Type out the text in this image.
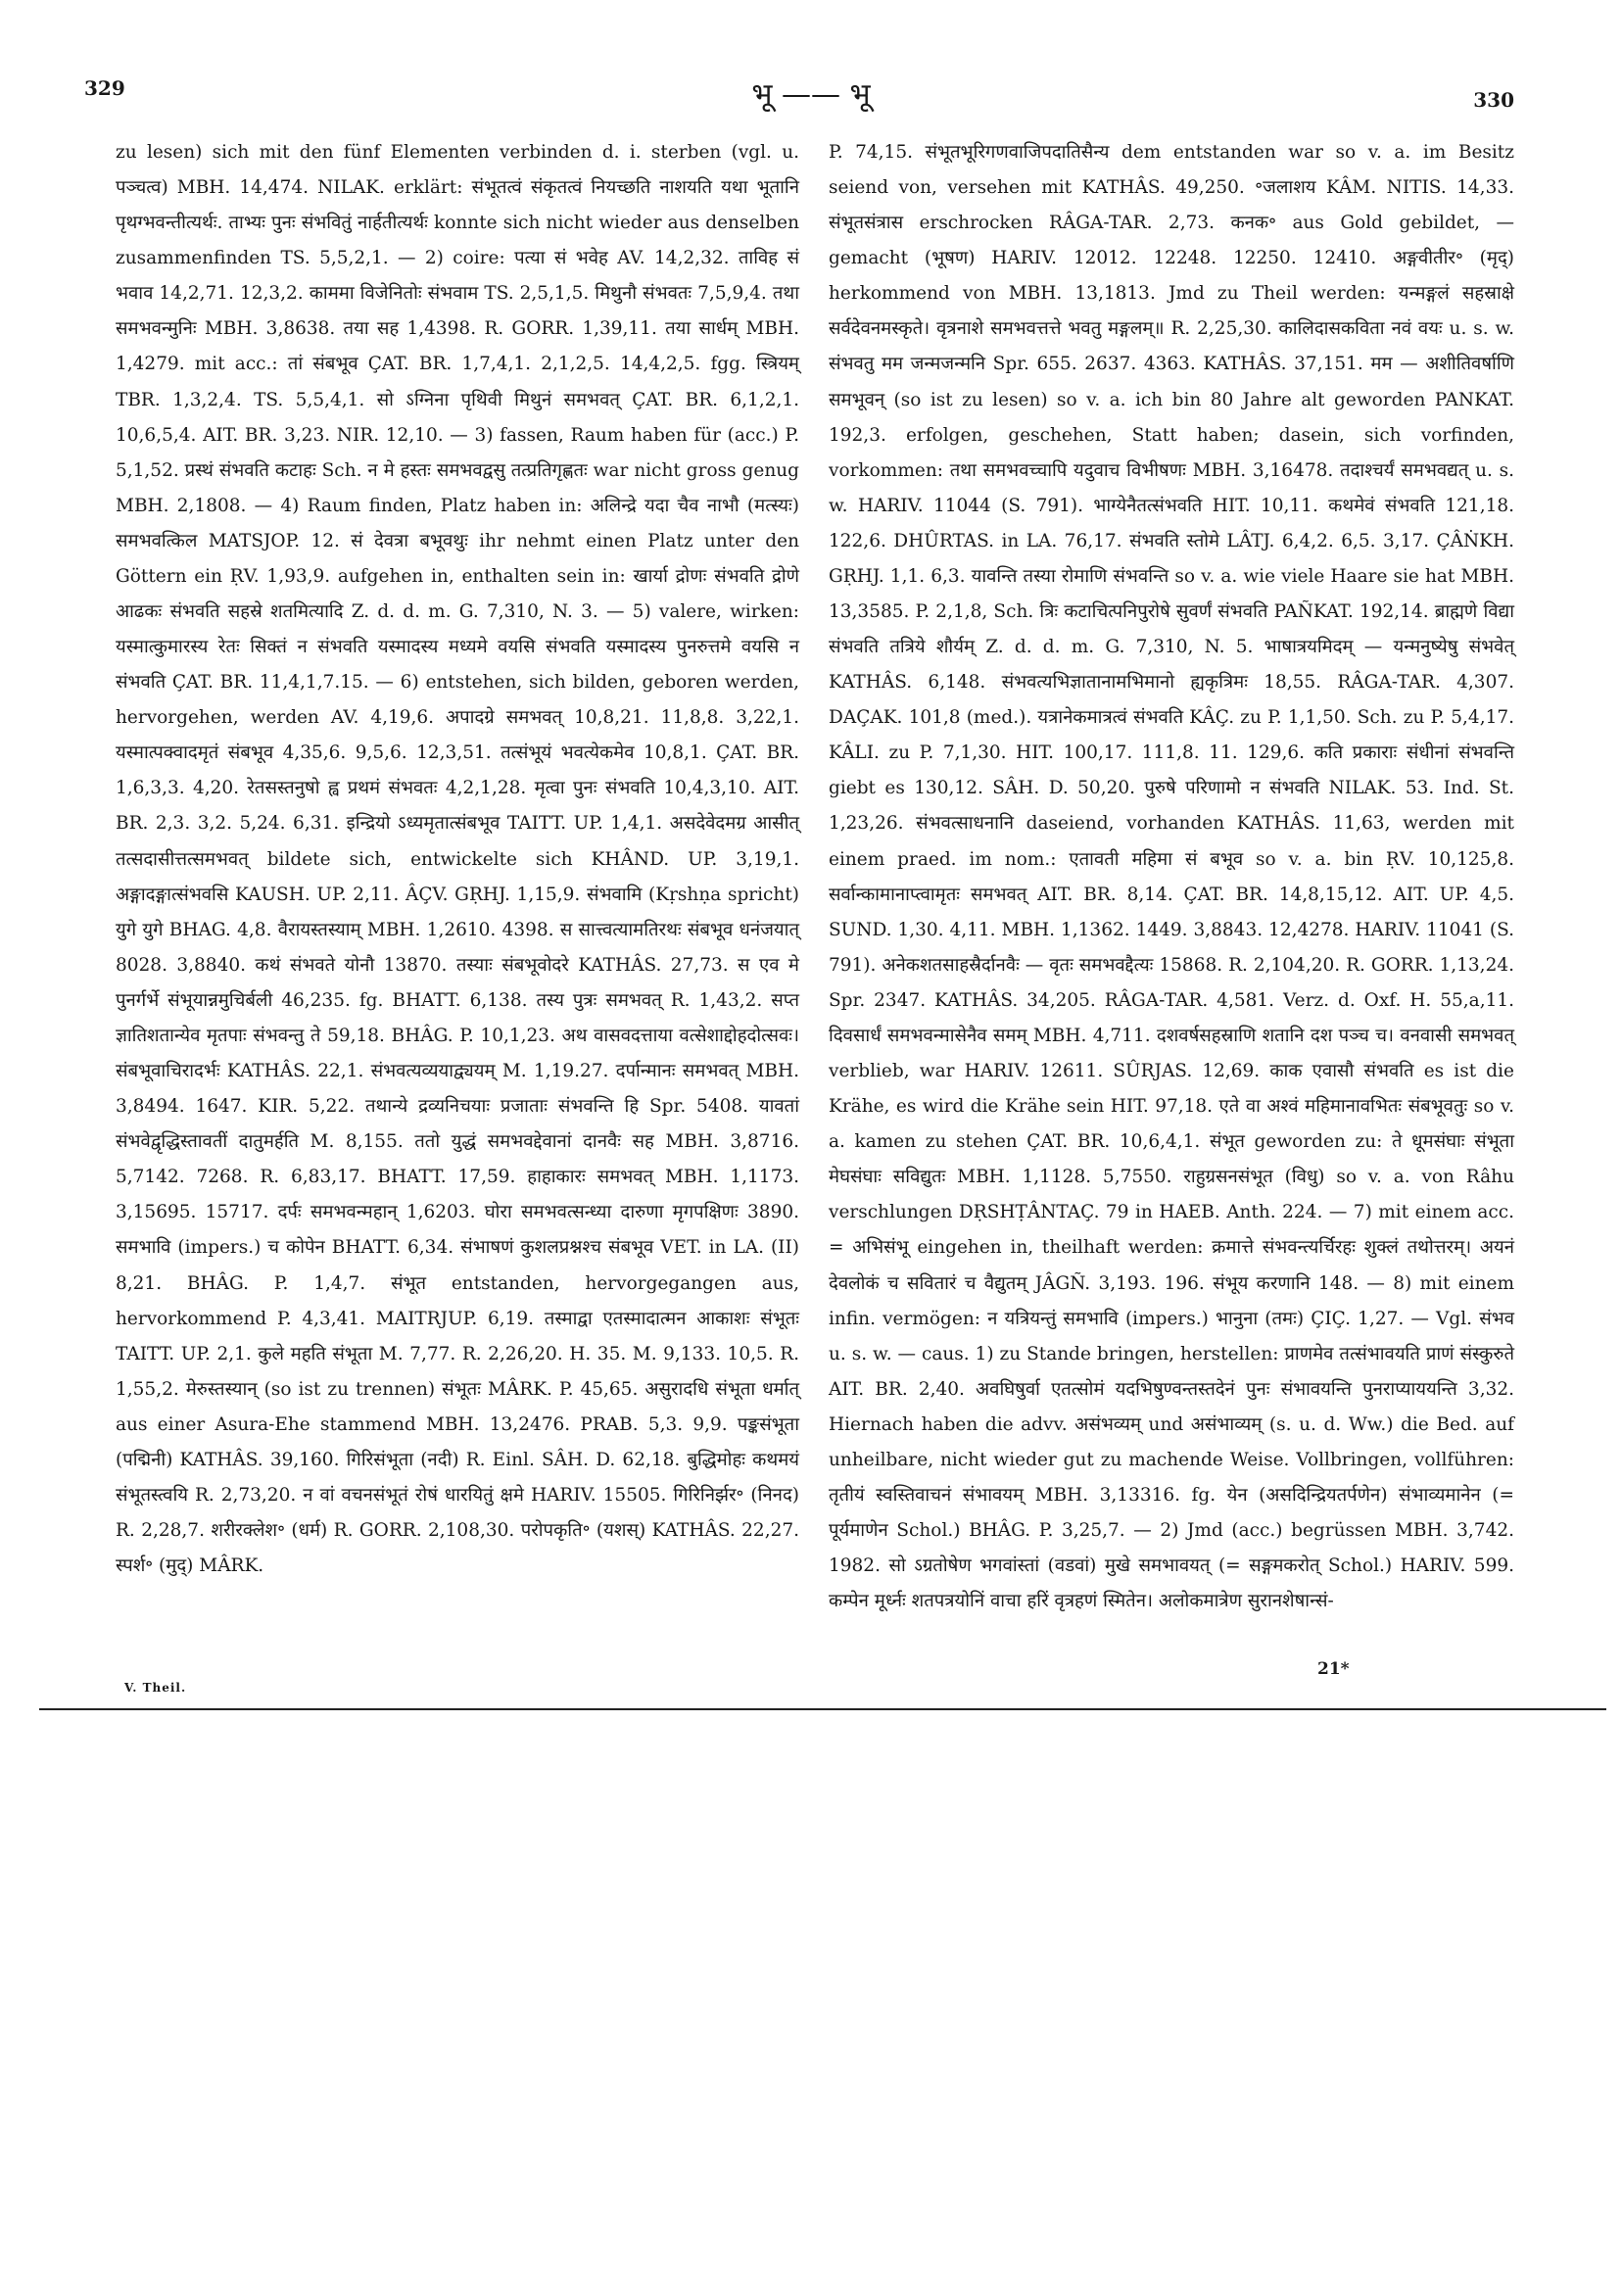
329	भू —— भू	330

zu lesen) sich mit den fünf Elementen verbinden d. i. sterben (vgl. u. पञ्चत्व) MBH. 14,474. NILAK. erklärt: संभूतत्वं संकृतत्वं नियच्छति नाशयति यथा भूतानि पृथग्भवन्तीत्यर्थः. ताभ्यः पुनः संभवितुं नार्हतीत्यर्थः konnte sich nicht wieder aus denselben zusammenfinden TS. 5,5,2,1. — 2) coire: पत्या सं भवेह AV. 14,2,32. ताविह सं भवाव 14,2,71. 12,3,2. काममा विजेनितोः संभवाम TS. 2,5,1,5. मिथुनौ संभवतः 7,5,9,4. तथा समभवन्मुनिः MBH. 3,8638. तया सह 1,4398. R. GORR. 1,39,11. तया सार्धम् MBH. 1,4279. mit acc.: तां संबभूव ÇAT. BR. 1,7,4,1. 2,1,2,5. 14,4,2,5. fgg. स्त्रियम् TBR. 1,3,2,4. TS. 5,5,4,1. सो ऽग्निना पृथिवी मिथुनं समभवत् ÇAT. BR. 6,1,2,1. 10,6,5,4. AIT. BR. 3,23. NIR. 12,10. — 3) fassen, Raum haben für (acc.) P. 5,1,52. प्रस्थं संभवति कटाहः Sch. न मे हस्तः समभवद्वसु तत्प्रतिगृह्णतः war nicht gross genug MBH. 2,1808. — 4) Raum finden, Platz haben in: अलिन्द्रे यदा चैव नाभौ (मत्स्यः) समभवत्किल MATSJOP. 12. सं देवत्रा बभूवथुः ihr nehmt einen Platz unter den Göttern ein ṚV. 1,93,9. aufgehen in, enthalten sein in: खार्या द्रोणः संभवति द्रोणे आढकः संभवति सहस्रे शतमित्यादि Z. d. d. m. G. 7,310, N. 3. — 5) valere, wirken: यस्मात्कुमारस्य रेतः सिक्तं न संभवति यस्मादस्य मध्यमे वयसि संभवति यस्मादस्य पुनरुत्तमे वयसि न संभवति ÇAT. BR. 11,4,1,7.15. — 6) entstehen, sich bilden, geboren werden, hervorgehen, werden AV. 4,19,6. अपादग्रे समभवत् 10,8,21. 11,8,8. 3,22,1. यस्मात्पक्वादमृतं संबभूव 4,35,6. 9,5,6. 12,3,51. तत्संभूयं भवत्येकमेव 10,8,1. ÇAT. BR. 1,6,3,3. 4,20. रेतसस्तनुषो ह्व प्रथमं संभवतः 4,2,1,28. मृत्वा पुनः संभवति 10,4,3,10. AIT. BR. 2,3. 3,2. 5,24. 6,31. इन्द्रियो ऽध्यमृतात्संबभूव TAITT. UP. 1,4,1. असदेवेदमग्र आसीत् तत्सदासीत्तत्समभवत् bildete sich, entwickelte sich KHÂND. UP. 3,19,1. अङ्गादङ्गात्संभवसि KAUSH. UP. 2,11. ÂÇV. GṚHJ. 1,15,9. संभवामि (Kṛshṇa spricht) युगे युगे BHAG. 4,8. वैरायस्तस्याम् MBH. 1,2610. 4398. स सात्त्वत्यामतिरथः संबभूव धनंजयात् 8028. 3,8840. कथं संभवते योनौ 13870. तस्याः संबभूवोदरे KATHÂS. 27,73. स एव मे पुनर्गर्भे संभूयान्नमुचिर्बली 46,235. fg. BHATT. 6,138. तस्य पुत्रः समभवत् R. 1,43,2. सप्त ज्ञातिशतान्येव मृतपाः संभवन्तु ते 59,18. BHÂG. P. 10,1,23. अथ वासवदत्ताया वत्सेशाद्दोहदोत्सवः। संबभूवाचिरादर्भः KATHÂS. 22,1. संभवत्यव्ययाद्व्ययम् M. 1,19.27. दर्पान्मानः समभवत् MBH. 3,8494. 1647. KIR. 5,22. तथान्ये द्रव्यनिचयाः प्रजाताः संभवन्ति हि Spr. 5408. यावतां संभवेद्वृद्धिस्तावतीं दातुमर्हति M. 8,155. ततो युद्धं समभवद्देवानां दानवैः सह MBH. 3,8716. 5,7142. 7268. R. 6,83,17. BHATT. 17,59. हाहाकारः समभवत् MBH. 1,1173. 3,15695. 15717. दर्पः समभवन्महान् 1,6203. घोरा समभवत्सन्ध्या दारुणा मृगपक्षिणः 3890. समभावि (impers.) च कोपेन BHATT. 6,34. संभाषणं कुशलप्रश्नश्च संबभूव VET. in LA. (II) 8,21. BHÂG. P. 1,4,7. संभूत entstanden, hervorgegangen aus, hervorkommend P. 4,3,41. MAITRJUP. 6,19. तस्माद्वा एतस्मादात्मन आकाशः संभूतः TAITT. UP. 2,1. कुले महति संभूता M. 7,77. R. 2,26,20. H. 35. M. 9,133. 10,5. R. 1,55,2. मेरुस्तस्यान् (so ist zu trennen) संभूतः MÂRK. P. 45,65. असुरादधि संभूता धर्मात् aus einer Asura-Ehe stammend MBH. 13,2476. PRAB. 5,3. 9,9. पङ्कसंभूता (पद्मिनी) KATHÂS. 39,160. गिरिसंभूता (नदी) R. Einl. SÂH. D. 62,18. बुद्धिमोहः कथमयं संभूतस्त्वयि R. 2,73,20. न वां वचनसंभूतं रोषं धारयितुं क्षमे HARIV. 15505. गिरिनिर्झर॰ (निनद) R. 2,28,7. शरीरक्लेश॰ (धर्म) R. GORR. 2,108,30. परोपकृति॰ (यशस्) KATHÂS. 22,27. स्पर्श॰ (मुद्) MÂRK.

P. 74,15. संभूतभूरिगणवाजिपदातिसैन्य dem entstanden war so v. a. im Besitz seiend von, versehen mit KATHÂS. 49,250. ॰जलाशय KÂM. NITIS. 14,33. संभूतसंत्रास erschrocken RÂGA-TAR. 2,73. कनक॰ aus Gold gebildet, — gemacht (भूषण) HARIV. 12012. 12248. 12250. 12410. अङ्गवीतीर॰ (मृद्) herkommend von MBH. 13,1813. Jmd zu Theil werden: यन्मङ्गलं सहस्राक्षे सर्वदेवनमस्कृते। वृत्रनाशे समभवत्तत्ते भवतु मङ्गलम्॥ R. 2,25,30. कालिदासकविता नवं वयः u. s. w. संभवतु मम जन्मजन्मनि Spr. 655. 2637. 4363. KATHÂS. 37,151. मम — अशीतिवर्षाणि समभूवन् (so ist zu lesen) so v. a. ich bin 80 Jahre alt geworden PANKAT. 192,3. erfolgen, geschehen, Statt haben; dasein, sich vorfinden, vorkommen: तथा समभवच्चापि यदुवाच विभीषणः MBH. 3,16478. तदाश्चर्यं समभवद्यत् u. s. w. HARIV. 11044 (S. 791). भाग्येनैतत्संभवति HIT. 10,11. कथमेवं संभवति 121,18. 122,6. DHÛRTAS. in LA. 76,17. संभवति स्तोमे LÂTJ. 6,4,2. 6,5. 3,17. ÇÂṄKH. GṚHJ. 1,1. 6,3. यावन्ति तस्या रोमाणि संभवन्ति so v. a. wie viele Haare sie hat MBH. 13,3585. P. 2,1,8, Sch. त्रिः कटाचित्पनिपुरोषे सुवर्णं संभवति PAÑKAT. 192,14. ब्राह्मणे विद्या संभवति तत्रिये शौर्यम् Z. d. d. m. G. 7,310, N. 5. भाषात्रयमिदम् — यन्मनुष्येषु संभवेत् KATHÂS. 6,148. संभवत्यभिज्ञातानामभिमानो ह्यकृत्रिमः 18,55. RÂGA-TAR. 4,307. DAÇAK. 101,8 (med.). यत्रानेकमात्रत्वं संभवति KÂÇ. zu P. 1,1,50. Sch. zu P. 5,4,17. KÂLI. zu P. 7,1,30. HIT. 100,17. 111,8. 11. 129,6. कति प्रकाराः संधीनां संभवन्ति giebt es 130,12. SÂH. D. 50,20. पुरुषे परिणामो न संभवति NILAK. 53. Ind. St. 1,23,26. संभवत्साधनानि daseiend, vorhanden KATHÂS. 11,63, werden mit einem praed. im nom.: एतावती महिमा सं बभूव so v. a. bin ṚV. 10,125,8. सर्वान्कामानाप्त्वामृतः समभवत् AIT. BR. 8,14. ÇAT. BR. 14,8,15,12. AIT. UP. 4,5. SUND. 1,30. 4,11. MBH. 1,1362. 1449. 3,8843. 12,4278. HARIV. 11041 (S. 791). अनेकशतसाहस्रैर्दानवैः — वृतः समभवद्दैत्यः 15868. R. 2,104,20. R. GORR. 1,13,24. Spr. 2347. KATHÂS. 34,205. RÂGA-TAR. 4,581. Verz. d. Oxf. H. 55,a,11. दिवसार्धं समभवन्मासेनैव समम् MBH. 4,711. दशवर्षसहस्राणि शतानि दश पञ्च च। वनवासी समभवत् verblieb, war HARIV. 12611. SÛRJAS. 12,69. काक एवासौ संभवति es ist die Krähe, es wird die Krähe sein HIT. 97,18. एते वा अश्वं महिमानावभितः संबभूवतुः so v. a. kamen zu stehen ÇAT. BR. 10,6,4,1. संभूत geworden zu: ते धूमसंघाः संभूता मेघसंघाः सविद्युतः MBH. 1,1128. 5,7550. राहुग्रसनसंभूत (विधु) so v. a. von Râhu verschlungen DṚSHṬÂNTAÇ. 79 in HAEB. Anth. 224. — 7) mit einem acc. = अभिसंभू eingehen in, theilhaft werden: क्रमात्ते संभवन्त्यर्चिरहः शुक्लं तथोत्तरम्। अयनं देवलोकं च सवितारं च वैद्युतम् JÂGÑ. 3,193. 196. संभूय करणानि 148. — 8) mit einem infin. vermögen: न यत्रियन्तुं समभावि (impers.) भानुना (तमः) ÇIÇ. 1,27. — Vgl. संभव u. s. w. — caus. 1) zu Stande bringen, herstellen: प्राणमेव तत्संभावयति प्राणं संस्कुरुते AIT. BR. 2,40. अवघिषुर्वा एतत्सोमं यदभिषुण्वन्तस्तदेनं पुनः संभावयन्ति पुनराप्याययन्ति 3,32. Hiernach haben die advv. असंभव्यम् und असंभाव्यम् (s. u. d. Ww.) die Bed. auf unheilbare, nicht wieder gut zu machende Weise. Vollbringen, vollführen: तृतीयं स्वस्तिवाचनं संभावयम् MBH. 3,13316. fg. येन (असदिन्द्रियतर्पणेन) संभाव्यमानेन (= पूर्यमाणेन Schol.) BHÂG. P. 3,25,7. — 2) Jmd (acc.) begrüssen MBH. 3,742. 1982. सो ऽग्रतोषेण भगवांस्तां (वडवां) मुखे समभावयत् (= सङ्गमकरोत् Schol.) HARIV. 599. कम्पेन मूर्ध्नः शतपत्रयोनिं वाचा हरिं वृत्रहणं स्मितेन। अलोकमात्रेण सुरानशेषान्सं-

V. Theil.
21*
